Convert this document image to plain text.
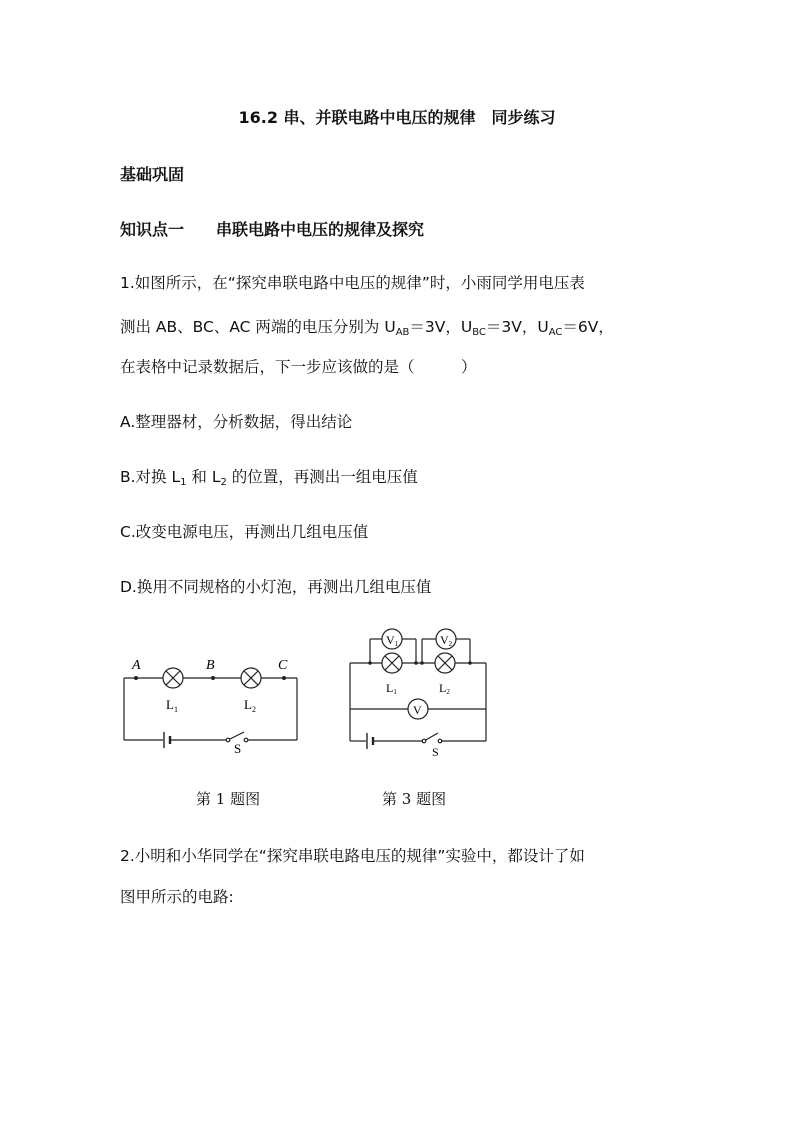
16.2 串、并联电路中电压的规律　同步练习
基础巩固
知识点一　　串联电路中电压的规律及探究
1.如图所示，在“探究串联电路中电压的规律”时，小雨同学用电压表
测出 AB、BC、AC 两端的电压分别为 $U_{AB}=3V$，$U_{BC}=3V$，$U_{AC}=6V$，
在表格中记录数据后，下一步应该做的是（　　　）
A.整理器材，分析数据，得出结论
B.对换 $L_1$ 和 $L_2$ 的位置，再测出一组电压值
C.改变电源电压，再测出几组电压值
D.换用不同规格的小灯泡，再测出几组电压值
A	B	C
$L_1$	$L_2$
S
V1	V2
V
L1	L2
S
第 1 题图	第 3 题图
2.小明和小华同学在“探究串联电路电压的规律”实验中，都设计了如
图甲所示的电路:
